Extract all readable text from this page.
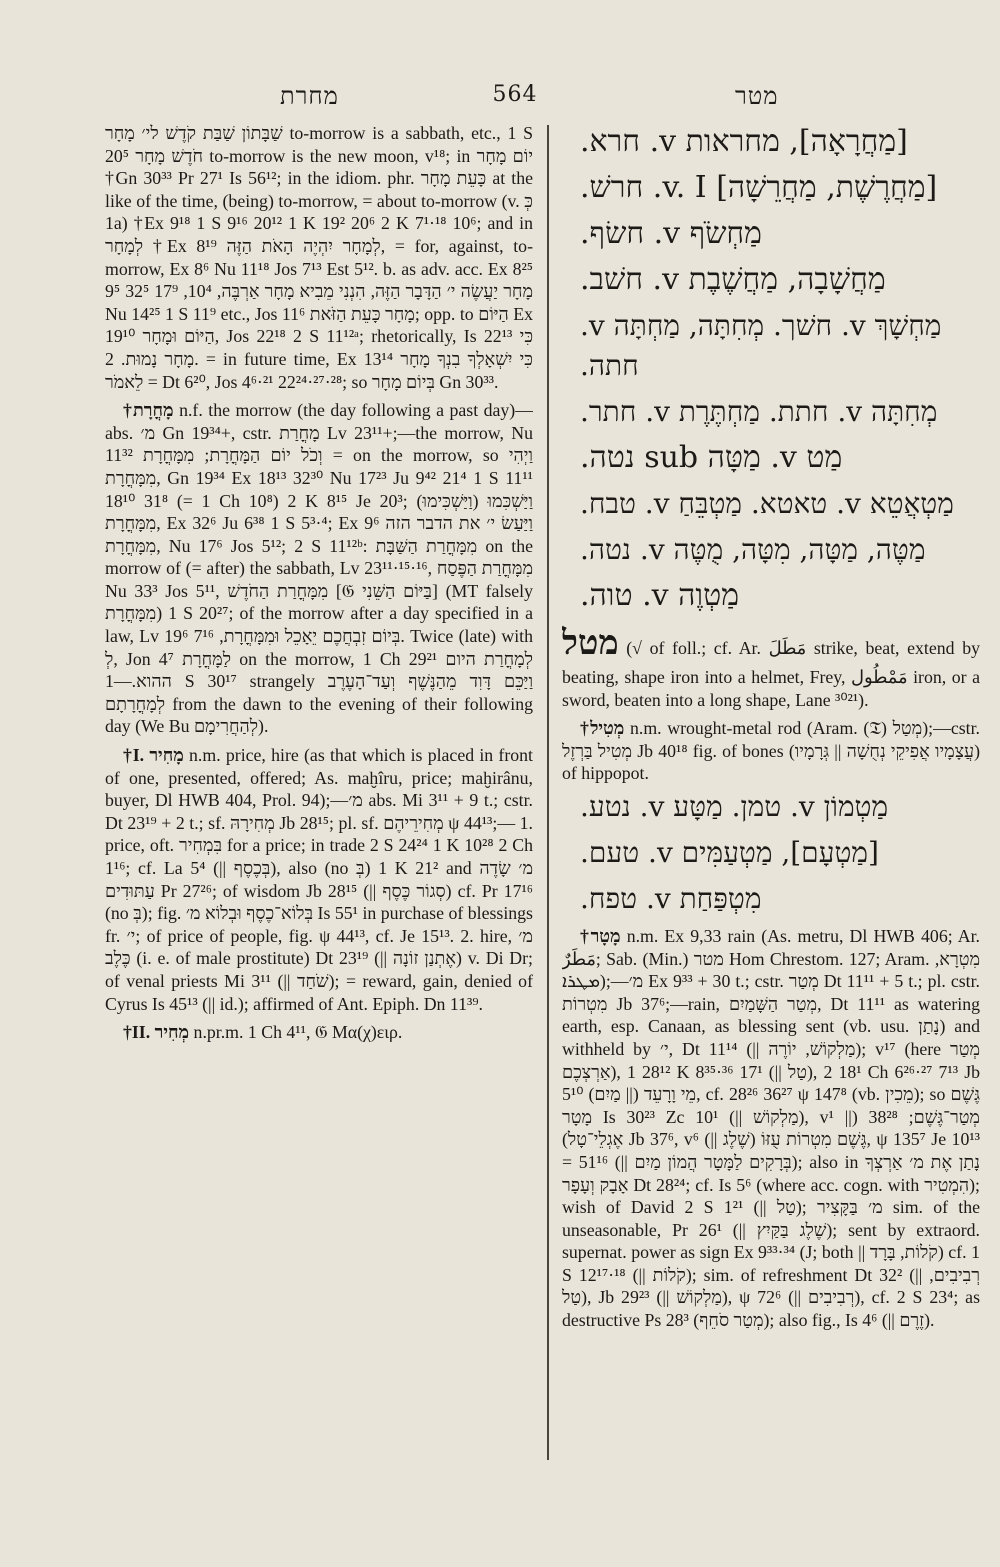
מחרת	564	מטר

שַׁבָּתוֹן שַׁבַּת קֹדֶשׁ לי׳ מָחָר to-morrow is a sabbath, etc., 1 S 20⁵ חֹדֶשׁ מָחָר to-morrow is the new moon, v¹⁸; in יוֹם מָחָר †Gn 30³³ Pr 27¹ Is 56¹²; in the idiom. phr. כָּעֵת מָחָר at the like of the time, (being) to-morrow, = about to-morrow (v. כְּ 1a) †Ex 9¹⁸ 1 S 9¹⁶ 20¹² 1 K 19² 20⁶ 2 K 7¹·¹⁸ 10⁶; and in לְמָחָר †Ex 8¹⁹ לְמָחָר יִהְיֶה הָאֹת הַזֶּה, = for, against, to-morrow, Ex 8⁶ Nu 11¹⁸ Jos 7¹³ Est 5¹². b. as adv. acc. Ex 8²⁵ 9⁵ מָחָר יַעֲשֶׂה י׳ הַדָּבָר הַזֶּה, הִנְנִי מֵבִיא מָחָר אַרְבֶּה, 10⁴, 17⁹ 32⁵ Nu 14²⁵ 1 S 11⁹ etc., Jos 11⁶ מָחָר כָּעֵת הַזֹּאת; opp. to הַיּוֹם Ex 19¹⁰ הַיּוֹם וּמָחָר, Jos 22¹⁸ 2 S 11¹²ᵃ; rhetorically, Is 22¹³ כִּי מָחָר נָמוּת. 2. = in future time, Ex 13¹⁴ כִּי יִשְׁאָלְךָ בִנְךָ מָחָר לֵאמֹר = Dt 6²⁰, Jos 4⁶·²¹ 22²⁴·²⁷·²⁸; so בְּיוֹם מָחָר Gn 30³³.

†מָחֳרָת n.f. the morrow (the day following a past day)—abs. מ׳ Gn 19³⁴+, cstr. מָחֳרַת Lv 23¹¹+;—the morrow, Nu 11³² וְכֹל יוֹם הַמָּחֳרָת; מִמָּחֳרָת = on the morrow, so וַיְהִי מִמָּחֳרָת, Gn 19³⁴ Ex 18¹³ 32³⁰ Nu 17²³ Ju 9⁴² 21⁴ 1 S 11¹¹ 18¹⁰ 31⁸ (= 1 Ch 10⁸) 2 K 8¹⁵ Je 20³; (וַיַּשְׁכִּימוּ) וַיַּשְׁכִּמוּ מִמָּחֳרָת, Ex 32⁶ Ju 6³⁸ 1 S 5³·⁴; Ex 9⁶ וַיַּעַשׂ י׳ את הדבר הזה מִמָּחֳרָת, Nu 17⁶ Jos 5¹²; 2 S 11¹²ᵇ: מִמָּחֳרַת הַשַּׁבָּת on the morrow of (= after) the sabbath, Lv 23¹¹·¹⁵·¹⁶, מִמָּחֳרַת הַפֶּסַח Nu 33³ Jos 5¹¹, מִמָּחֳרַת הַחֹדֶשׁ [𝔊 בַּיּוֹם הַשֵּׁנִי] (MT falsely מִמָּחֳרָת) 1 S 20²⁷; of the morrow after a day specified in a law, Lv 19⁶ בְּיוֹם זִבְחֲכֶם יֵאָכֵל וּמִמָּחֳרָת, 7¹⁶. Twice (late) with לְ, Jon 4⁷ לַמָּחֳרָת on the morrow, 1 Ch 29²¹ לְמָחֳרַת היום ההוא.—1 S 30¹⁷ strangely וַיַּכֵּם דָּוִד מֵהַנֶּשֶׁף וְעַד־הָעֶרֶב לְמָחֳרָתָם from the dawn to the evening of their following day (We Bu לְהַחֲרִימָם).

†I. מָחִיר n.m. price, hire (as that which is placed in front of one, presented, offered; As. maḫîru, price; maḫirânu, buyer, Dl HWB 404, Prol. 94);—מ׳ abs. Mi 3¹¹ + 9 t.; cstr. Dt 23¹⁹ + 2 t.; sf. מְחִירָהּ Jb 28¹⁵; pl. sf. מְחִירֵיהֶם ψ 44¹³;— 1. price, oft. בִּמְחִיר for a price; in trade 2 S 24²⁴ 1 K 10²⁸ 2 Ch 1¹⁶; cf. La 5⁴ (|| בְּכֶסֶף), also (no בְּ) 1 K 21² and מ׳ שָׂדֶה עַתּוּדִים Pr 27²⁶; of wisdom Jb 28¹⁵ (|| סְגוֹר כֶּסֶף) cf. Pr 17¹⁶ (no בְּ); fig. בְּלוֹא־כֶסֶף וּבְלוֹא מ׳ Is 55¹ in purchase of blessings fr. י׳; of price of people, fig. ψ 44¹³, cf. Je 15¹³. 2. hire, מ׳ כֶּלֶב (i. e. of male prostitute) Dt 23¹⁹ (|| אֶתְנַן זוֹנָה) v. Di Dr; of venal priests Mi 3¹¹ (|| שֹׁחַד); = reward, gain, denied of Cyrus Is 45¹³ (|| id.); affirmed of Ant. Epiph. Dn 11³⁹.

†II. מְחִיר n.pr.m. 1 Ch 4¹¹, 𝔊 Μα(χ)ειρ.

[מַחֲרָאָה], מחראות v. חרא.
[מַחֲרֶשֶׁת, מַחֲרֵשָׁה] v. I. חרשׁ.
מַחְשֹׂף v. חשׂף.
מַחֲשָׁבָה, מַחֲשֶׁבֶת v. חשׁב.
מַחְשָׁךְ v. חשׁך. מְחִתָּה, מַחְתָּה v. חתה.
מְחִתָּה v. חתת. מַחְתֶּרֶת v. חתר.
מַט v. מַטָּה sub נטה.
מַטְאֲטֵא v. טאטא. מַטְבֵּחַ v. טבח.
מַטֶּה, מַטָּה, מִטָּה, מֻטֶּה v. נטה.
מַטְוֶה v. טוה.

מטל (√ of foll.; cf. Ar. مَطَلَ strike, beat, extend by beating, shape iron into a helmet, Frey, مَمْطُول iron, or a sword, beaten into a long shape, Lane ³⁰²¹).

†מְטִיל n.m. wrought-metal rod (Aram. (𝔗) מְטַל);—cstr. מְטִיל בַּרְזֶל Jb 40¹⁸ fig. of bones (עֲצָמָיו אֲפִיקֵי נְחֻשָׁה || גְּרָמָיו) of hippopot.

מַטְמוֹן v. טמן. מַטָּע v. נטע.
[מַטְעָם], מַטְעַמִּים v. טעם.
מִטְפַּחַת v. טפח.

†מָטָר n.m. Ex 9,33 rain (As. metru, Dl HWB 406; Ar. مَطَرٌ; Sab. (Min.) מטר Hom Chrestom. 127; Aram. מִטְרָא, ܡܛܪܐ);—מ׳ Ex 9³³ + 30 t.; cstr. מְטַר Dt 11¹¹ + 5 t.; pl. cstr. מִטְרוֹת Jb 37⁶;—rain, מְטַר הַשָּׁמַיִם, Dt 11¹¹ as watering earth, esp. Canaan, as blessing sent (vb. usu. נָתַן) and withheld by י׳, Dt 11¹⁴ (|| מַלְקוֹשׁ, יוֹרֶה); v¹⁷ (here מְטַר אַרְצְכֶם), 28¹² 1 K 8³⁵·³⁶ 17¹ (|| טַל), 18¹ 2 Ch 6²⁶·²⁷ 7¹³ Jb 5¹⁰ מֵי וָרָעֵד (|| מַיִם), cf. 28²⁶ 36²⁷ ψ 147⁸ (vb. מֵכִין); so גֶּשֶׁם מָטָר Is 30²³ Zc 10¹ (|| מַלְקוֹשׁ), v¹ מְטַר־גֶּשֶׁם; 38²⁸ (|| אֶגְלֵי־טָל) Jb 37⁶, v⁶ (|| שֶׁלֶג) גֶּשֶׁם מִטְרוֹת עֻזּוֹ, ψ 135⁷ Je 10¹³ = 51¹⁶ (|| בְּרָקִים לַמָּטָר הֲמוֹן מַיִם); also in נָתַן אֶת מ׳ אַרְצְךָ אָבָק וְעָפָר Dt 28²⁴; cf. Is 5⁶ (where acc. cogn. with הִמְטִיר); wish of David 2 S 1²¹ (|| טַל); מ׳ בַּקָּצִיר sim. of the unseasonable, Pr 26¹ (|| שֶׁלֶג בַּקַּיִץ); sent by extraord. supernat. power as sign Ex 9³³·³⁴ (J; both || קֹלוֹת, בָּרָד) cf. 1 S 12¹⁷·¹⁸ (|| קֹלוֹת); sim. of refreshment Dt 32² (|| רְבִיבִים, טַל), Jb 29²³ (|| מַלְקוֹשׁ), ψ 72⁶ (|| רְבִיבִים), cf. 2 S 23⁴; as destructive Ps 28³ (מְטַר סֹחֵף); also fig., Is 4⁶ (|| זֶרֶם).
